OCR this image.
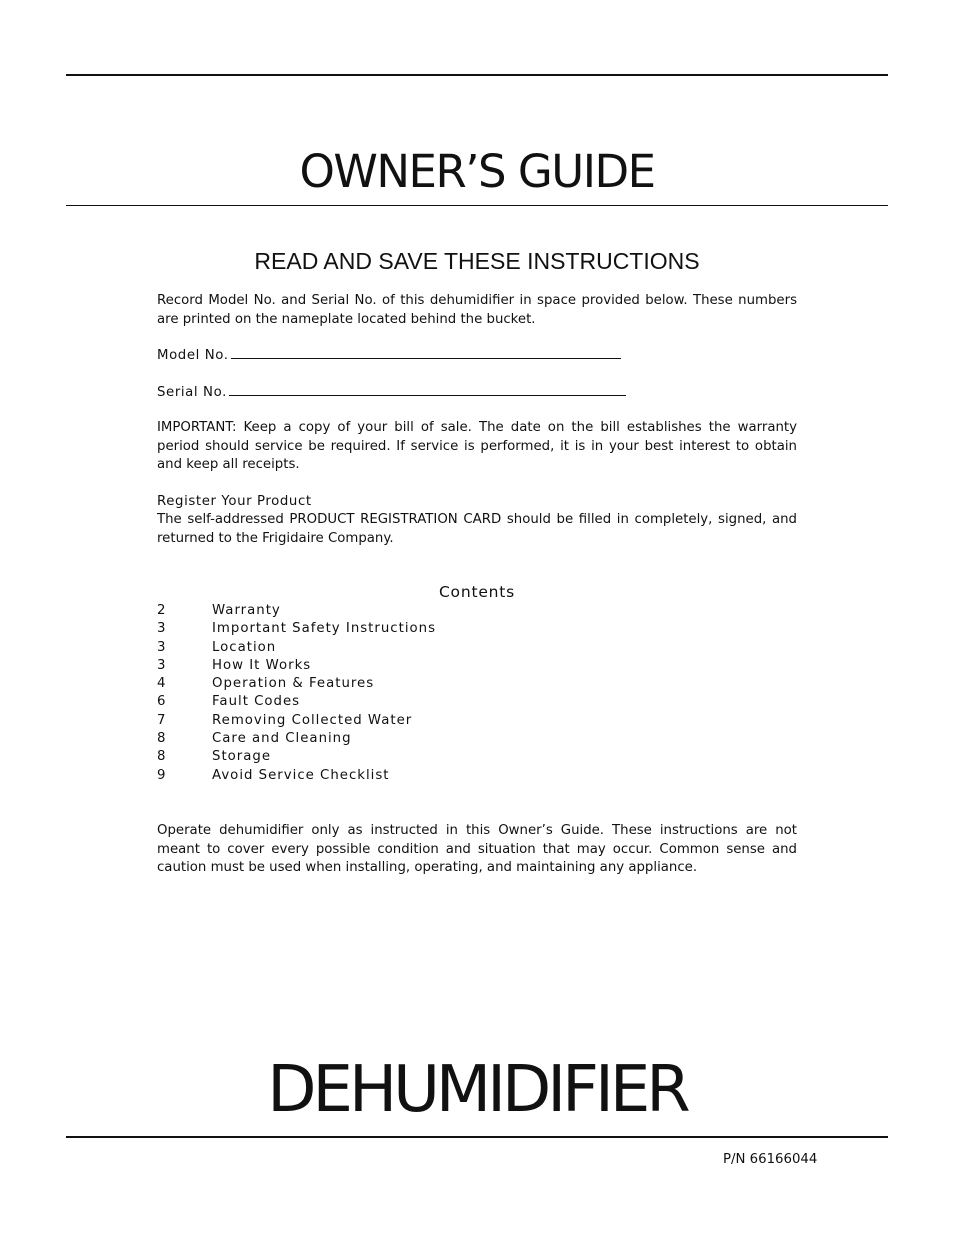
OWNER’S GUIDE
READ AND SAVE THESE INSTRUCTIONS

Record Model No. and Serial No. of this dehumidifier in space provided below. These numbers are printed on the nameplate located behind the bucket.

Model No.
Serial No.

IMPORTANT: Keep a copy of your bill of sale. The date on the bill establishes the warranty period should service be required. If service is performed, it is in your best interest to obtain and keep all receipts.

Register Your Product

The self-addressed PRODUCT REGISTRATION CARD should be filled in completely, signed, and returned to the Frigidaire Company.

Contents
2	Warranty
3	Important Safety Instructions
3	Location
3	How It Works
4	Operation & Features
6	Fault Codes
7	Removing Collected Water
8	Care and Cleaning
8	Storage
9	Avoid Service Checklist

Operate dehumidifier only as instructed in this Owner’s Guide. These instructions are not meant to cover every possible condition and situation that may occur. Common sense and caution must be used when installing, operating, and maintaining any appliance.

DEHUMIDIFIER
P/N 66166044
